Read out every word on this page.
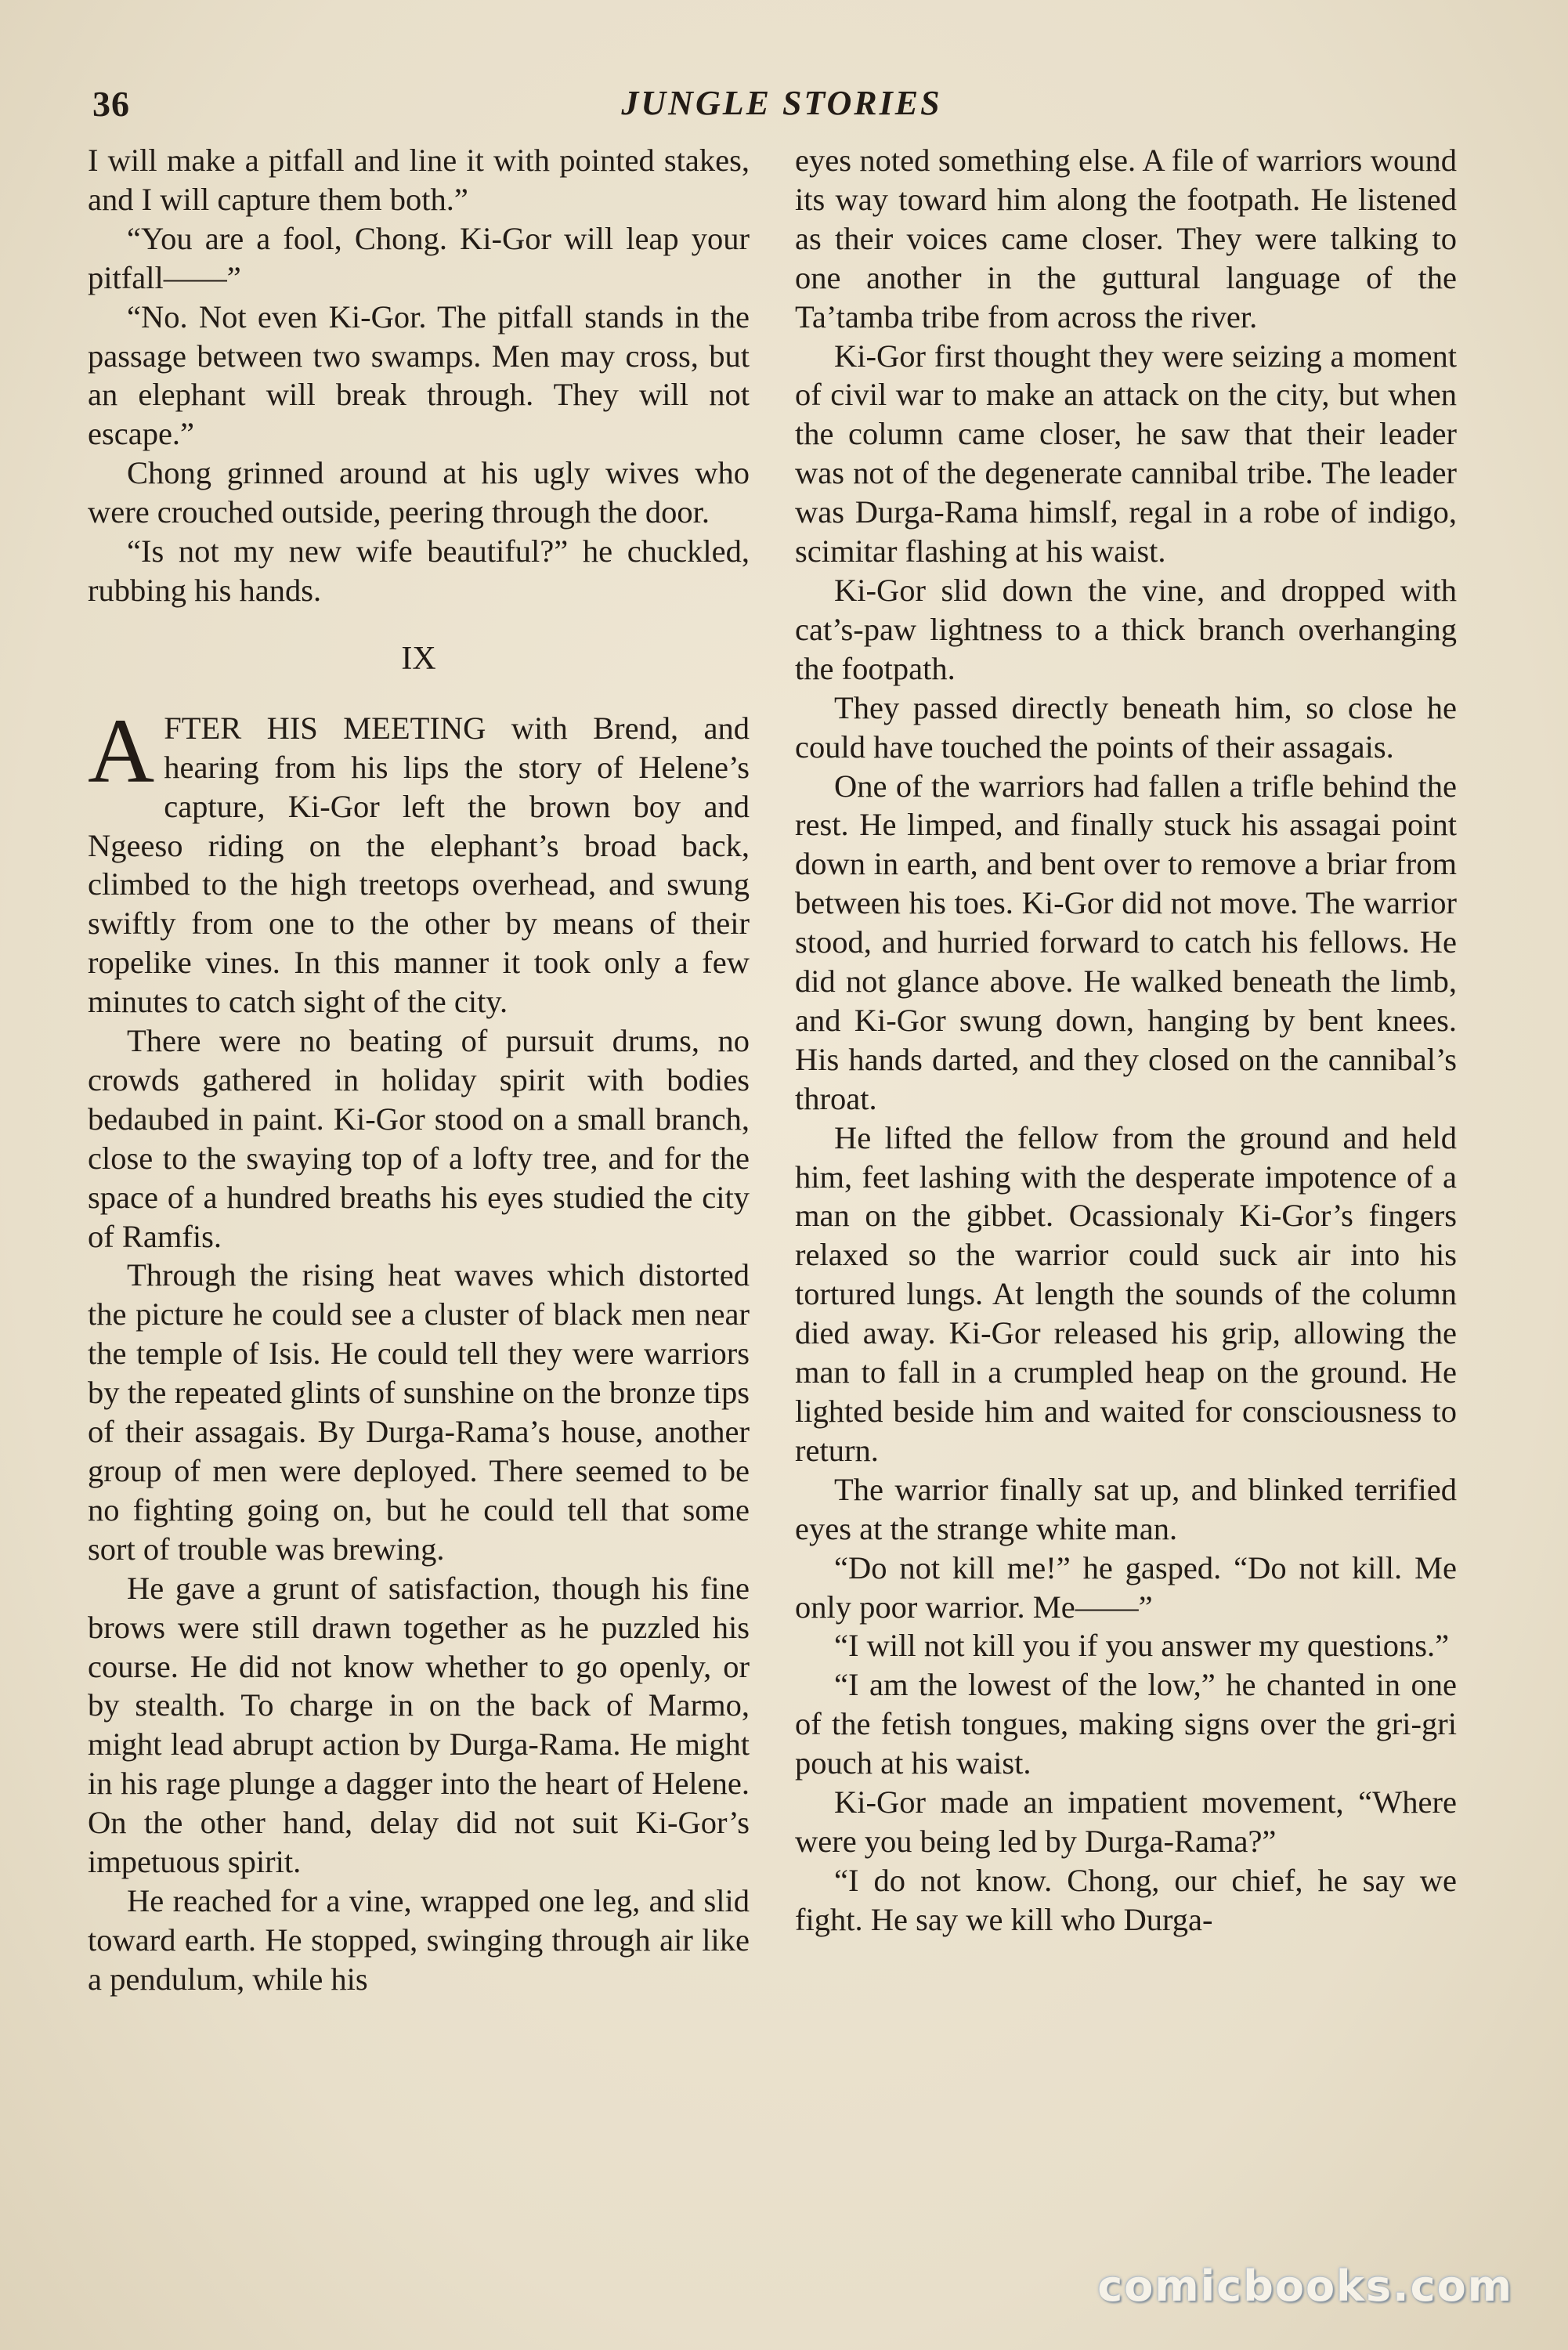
36	JUNGLE STORIES

I will make a pitfall and line it with pointed stakes, and I will capture them both.”

“You are a fool, Chong. Ki-Gor will leap your pitfall——”

“No. Not even Ki-Gor. The pitfall stands in the passage between two swamps. Men may cross, but an elephant will break through. They will not escape.”

Chong grinned around at his ugly wives who were crouched outside, peering through the door.

“Is not my new wife beautiful?” he chuckled, rubbing his hands.

IX

AFTER HIS MEETING with Brend, and hearing from his lips the story of Helene’s capture, Ki-Gor left the brown boy and Ngeeso riding on the elephant’s broad back, climbed to the high treetops overhead, and swung swiftly from one to the other by means of their ropelike vines. In this manner it took only a few minutes to catch sight of the city.

There were no beating of pursuit drums, no crowds gathered in holiday spirit with bodies bedaubed in paint. Ki-Gor stood on a small branch, close to the swaying top of a lofty tree, and for the space of a hundred breaths his eyes studied the city of Ramfis.

Through the rising heat waves which distorted the picture he could see a cluster of black men near the temple of Isis. He could tell they were warriors by the repeated glints of sunshine on the bronze tips of their assagais. By Durga-Rama’s house, another group of men were deployed. There seemed to be no fighting going on, but he could tell that some sort of trouble was brewing.

He gave a grunt of satisfaction, though his fine brows were still drawn together as he puzzled his course. He did not know whether to go openly, or by stealth. To charge in on the back of Marmo, might lead abrupt action by Durga-Rama. He might in his rage plunge a dagger into the heart of Helene. On the other hand, delay did not suit Ki-Gor’s impetuous spirit.

He reached for a vine, wrapped one leg, and slid toward earth. He stopped, swinging through air like a pendulum, while his

eyes noted something else. A file of warriors wound its way toward him along the footpath. He listened as their voices came closer. They were talking to one another in the guttural language of the Ta’tamba tribe from across the river.

Ki-Gor first thought they were seizing a moment of civil war to make an attack on the city, but when the column came closer, he saw that their leader was not of the degenerate cannibal tribe. The leader was Durga-Rama himslf, regal in a robe of indigo, scimitar flashing at his waist.

Ki-Gor slid down the vine, and dropped with cat’s-paw lightness to a thick branch overhanging the footpath.

They passed directly beneath him, so close he could have touched the points of their assagais.

One of the warriors had fallen a trifle behind the rest. He limped, and finally stuck his assagai point down in earth, and bent over to remove a briar from between his toes. Ki-Gor did not move. The warrior stood, and hurried forward to catch his fellows. He did not glance above. He walked beneath the limb, and Ki-Gor swung down, hanging by bent knees. His hands darted, and they closed on the cannibal’s throat.

He lifted the fellow from the ground and held him, feet lashing with the desperate impotence of a man on the gibbet. Ocassionaly Ki-Gor’s fingers relaxed so the warrior could suck air into his tortured lungs. At length the sounds of the column died away. Ki-Gor released his grip, allowing the man to fall in a crumpled heap on the ground. He lighted beside him and waited for consciousness to return.

The warrior finally sat up, and blinked terrified eyes at the strange white man.

“Do not kill me!” he gasped. “Do not kill. Me only poor warrior. Me——”

“I will not kill you if you answer my questions.”

“I am the lowest of the low,” he chanted in one of the fetish tongues, making signs over the gri-gri pouch at his waist.

Ki-Gor made an impatient movement, “Where were you being led by Durga-Rama?”

“I do not know. Chong, our chief, he say we fight. He say we kill who Durga-

comicbooks.com
